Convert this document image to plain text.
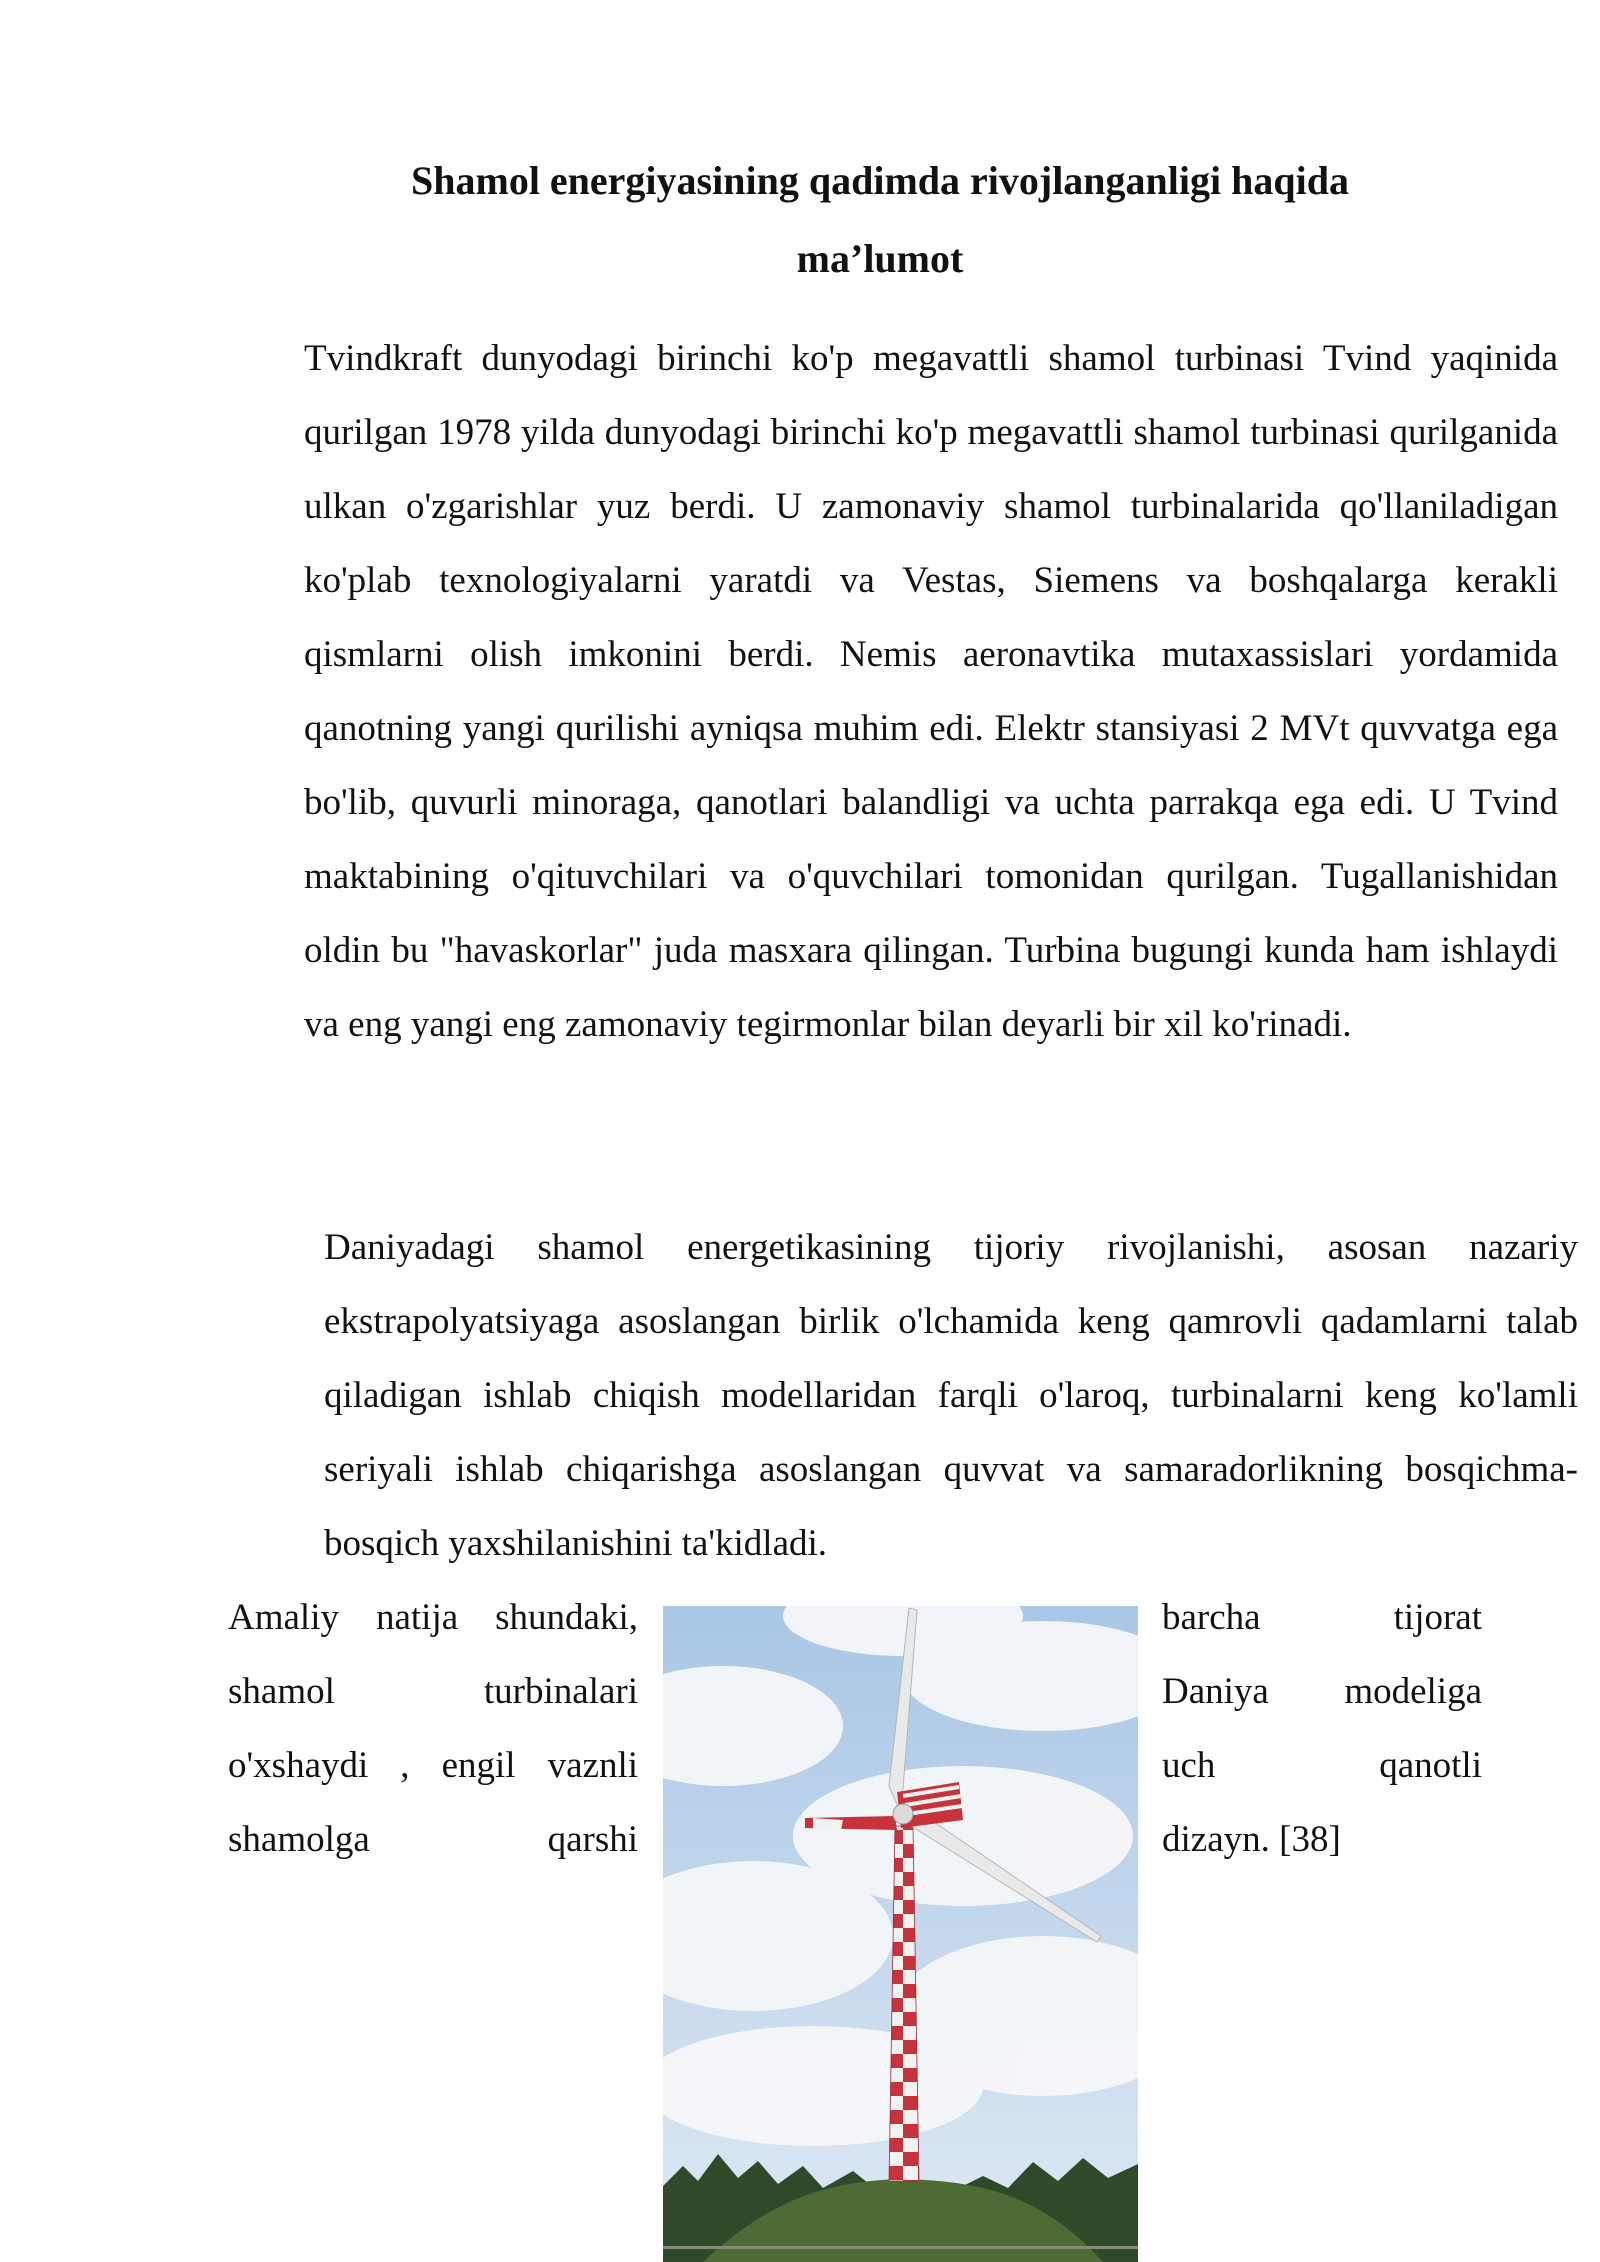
Shamol energiyasining qadimda rivojlanganligi haqida
ma’lumot

Tvindkraft dunyodagi birinchi ko'p megavattli shamol turbinasi Tvind yaqinida qurilgan 1978 yilda dunyodagi birinchi ko'p megavattli shamol turbinasi qurilganida ulkan o'zgarishlar yuz berdi. U zamonaviy shamol turbinalarida qo'llaniladigan ko'plab texnologiyalarni yaratdi va Vestas, Siemens va boshqalarga kerakli qismlarni olish imkonini berdi. Nemis aeronavtika mutaxassislari yordamida qanotning yangi qurilishi ayniqsa muhim edi. Elektr stansiyasi 2 MVt quvvatga ega bo'lib, quvurli minoraga, qanotlari balandligi va uchta parrakqa ega edi. U Tvind maktabining o'qituvchilari va o'quvchilari tomonidan qurilgan. Tugallanishidan oldin bu "havaskorlar" juda masxara qilingan. Turbina bugungi kunda ham ishlaydi va eng yangi eng zamonaviy tegirmonlar bilan deyarli bir xil ko'rinadi.

Daniyadagi shamol energetikasining tijoriy rivojlanishi, asosan nazariy ekstrapolyatsiyaga asoslangan birlik o'lchamida keng qamrovli qadamlarni talab qiladigan ishlab chiqish modellaridan farqli o'laroq, turbinalarni keng ko'lamli seriyali ishlab chiqarishga asoslangan quvvat va samaradorlikning bosqichma-bosqich yaxshilanishini ta'kidladi.

Amaliy natija shundaki,
shamol turbinalari
o'xshaydi , engil vaznli
shamolga qarshi
barcha tijorat
Daniya modeliga
uch qanotli
dizayn. [38]
